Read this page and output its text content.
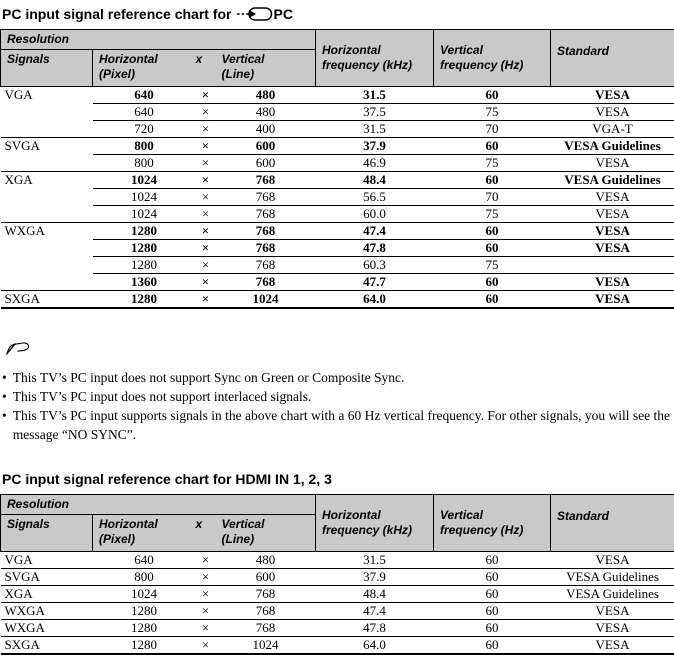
PC input signal reference chart for	PC
Resolution				Horizontal
frequency (kHz)	Vertical
frequency (Hz)	Standard
Signals	Horizontal
(Pixel)	x	Vertical
(Line)			
VGA	640	×	480	31.5	60	VESA
	640	×	480	37.5	75	VESA
	720	×	400	31.5	70	VGA-T
SVGA	800	×	600	37.9	60	VESA Guidelines
	800	×	600	46.9	75	VESA
XGA	1024	×	768	48.4	60	VESA Guidelines
	1024	×	768	56.5	70	VESA
	1024	×	768	60.0	75	VESA
WXGA	1280	×	768	47.4	60	VESA
	1280	×	768	47.8	60	VESA
	1280	×	768	60.3	75	
	1360	×	768	47.7	60	VESA
SXGA	1280	×	1024	64.0	60	VESA
• This TV’s PC input does not support Sync on Green or Composite Sync.
• This TV’s PC input does not support interlaced signals.
• This TV’s PC input supports signals in the above chart with a 60 Hz vertical frequency. For other signals, you will see the message “NO SYNC”.
PC input signal reference chart for HDMI IN 1, 2, 3
Resolution				Horizontal
frequency (kHz)	Vertical
frequency (Hz)	Standard
Signals	Horizontal
(Pixel)	x	Vertical
(Line)			
VGA	640	×	480	31.5	60	VESA
SVGA	800	×	600	37.9	60	VESA Guidelines
XGA	1024	×	768	48.4	60	VESA Guidelines
WXGA	1280	×	768	47.4	60	VESA
WXGA	1280	×	768	47.8	60	VESA
SXGA	1280	×	1024	64.0	60	VESA
